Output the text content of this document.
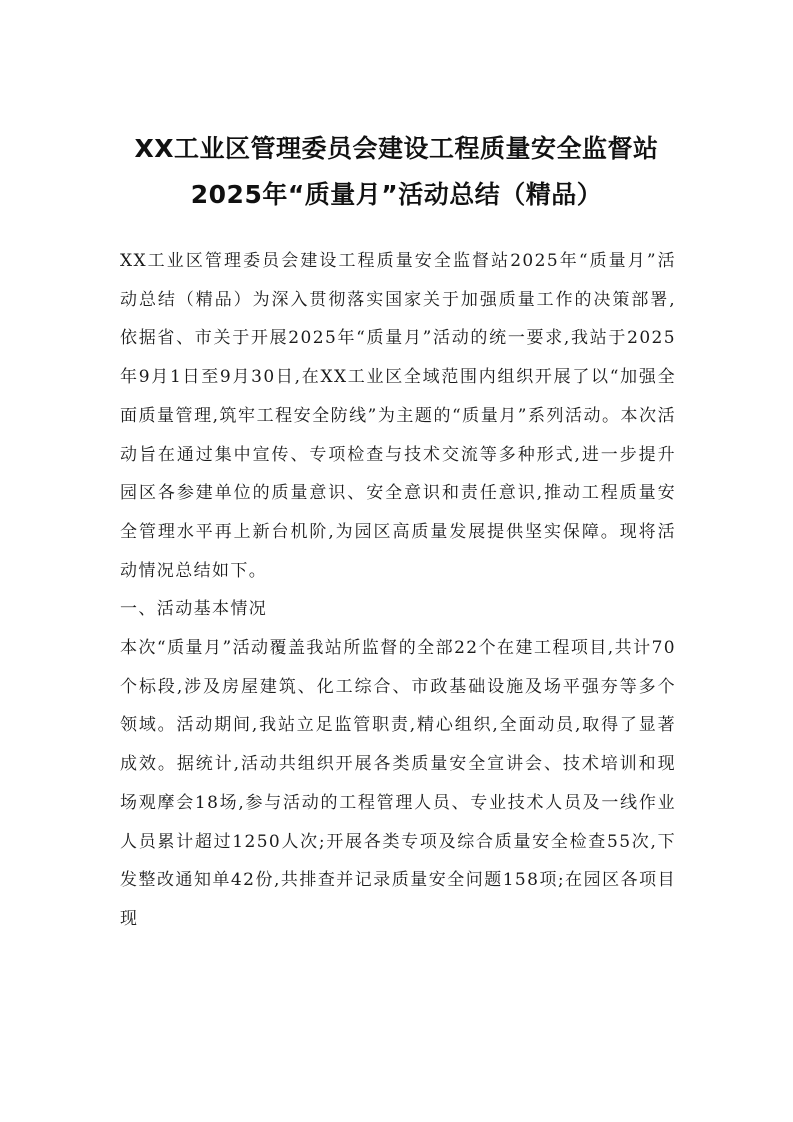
XX工业区管理委员会建设工程质量安全监督站2025年“质量月”活动总结（精品）

XX工业区管理委员会建设工程质量安全监督站2025年“质量月”活动总结（精品）为深入贯彻落实国家关于加强质量工作的决策部署,依据省、市关于开展2025年“质量月”活动的统一要求,我站于2025年9月1日至9月30日,在XX工业区全域范围内组织开展了以“加强全面质量管理,筑牢工程安全防线”为主题的“质量月”系列活动。本次活动旨在通过集中宣传、专项检查与技术交流等多种形式,进一步提升园区各参建单位的质量意识、安全意识和责任意识,推动工程质量安全管理水平再上新台机阶,为园区高质量发展提供坚实保障。现将活动情况总结如下。

一、活动基本情况

本次“质量月”活动覆盖我站所监督的全部22个在建工程项目,共计70个标段,涉及房屋建筑、化工综合、市政基础设施及场平强夯等多个领域。活动期间,我站立足监管职责,精心组织,全面动员,取得了显著成效。据统计,活动共组织开展各类质量安全宣讲会、技术培训和现场观摩会18场,参与活动的工程管理人员、专业技术人员及一线作业人员累计超过1250人次;开展各类专项及综合质量安全检查55次,下发整改通知单42份,共排查并记录质量安全问题158项;在园区各项目现
